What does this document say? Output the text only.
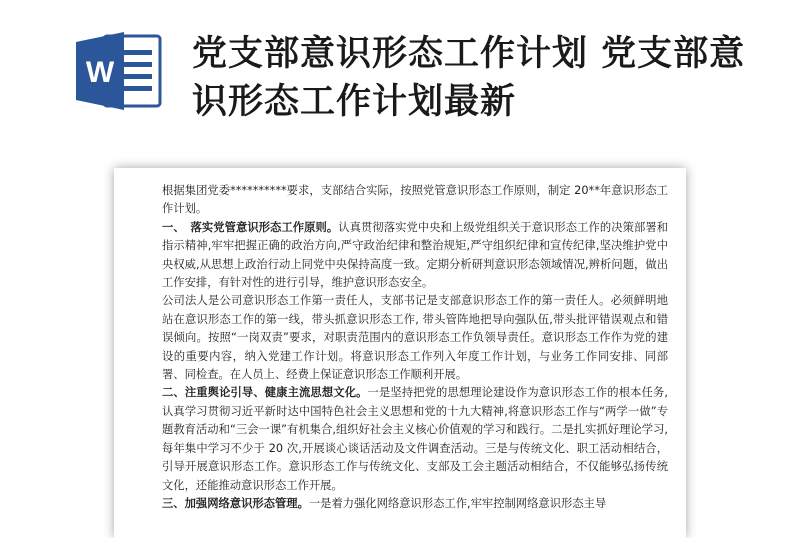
W 党支部意识形态工作计划 党支部意识形态工作计划最新

根据集团党委**********要求，支部结合实际，按照党管意识形态工作原则，制定 20**年意识形态工作计划。

一、　落实党管意识形态工作原则。认真贯彻落实党中央和上级党组织关于意识形态工作的决策部署和指示精神,牢牢把握正确的政治方向,严守政治纪律和整治规矩,严守组织纪律和宣传纪律,坚决维护党中央权威,从思想上政治行动上同党中央保持高度一致。定期分析研判意识形态领域情况,辨析问题，做出工作安排，有针对性的进行引导，维护意识形态安全。

公司法人是公司意识形态工作第一责任人，支部书记是支部意识形态工作的第一责任人。必须鲜明地站在意识形态工作的第一线，带头抓意识形态工作, 带头管阵地把导向强队伍,带头批评错误观点和错误倾向。按照“一岗双责”要求，对职责范围内的意识形态工作负领导责任。意识形态工作作为党的建设的重要内容，纳入党建工作计划。将意识形态工作列入年度工作计划，与业务工作同安排、同部署、同检查。在人员上、经费上保证意识形态工作顺利开展。

二、注重舆论引导、健康主流思想文化。一是坚持把党的思想理论建设作为意识形态工作的根本任务,认真学习贯彻习近平新时达中国特色社会主义思想和党的十九大精神,将意识形态工作与“两学一做”专题教育活动和“三会一课”有机集合,组织好社会主义核心价值观的学习和践行。二是扎实抓好理论学习,每年集中学习不少于 20 次,开展谈心谈话活动及文件调查活动。三是与传统文化、职工活动相结合，引导开展意识形态工作。意识形态工作与传统文化、支部及工会主题活动相结合，不仅能够弘扬传统文化，还能推动意识形态工作开展。

三、加强网络意识形态管理。一是着力强化网络意识形态工作,牢牢控制网络意识形态主导
